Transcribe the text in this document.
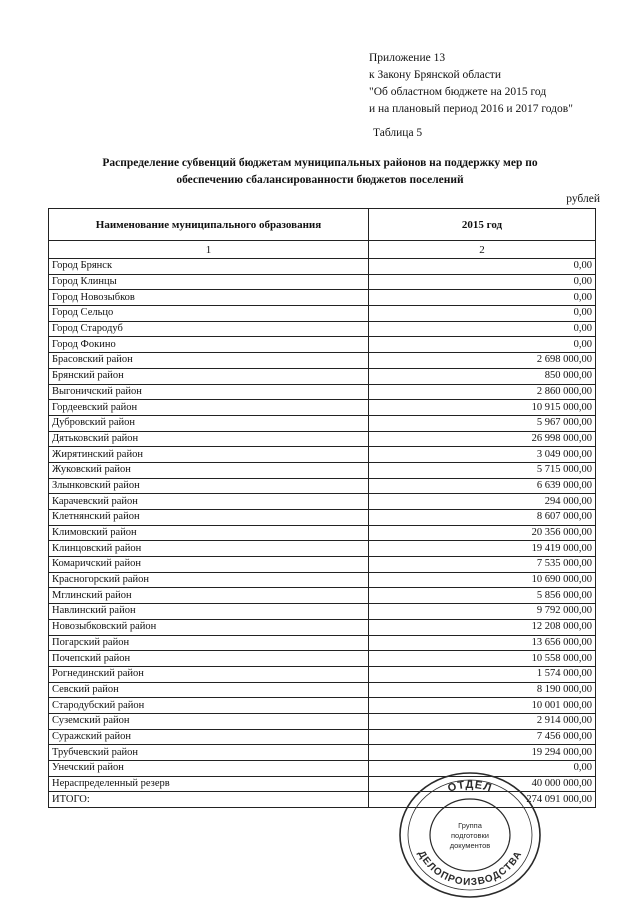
Приложение 13
к Закону Брянской области
"Об областном бюджете на 2015 год
и на плановый период 2016 и 2017 годов"
Таблица 5
Распределение субвенций бюджетам муниципальных районов на поддержку мер по
обеспечению сбалансированности бюджетов поселений
рублей
Наименование муниципального образования	2015 год
1	2
Город Брянск	0,00
Город Клинцы	0,00
Город Новозыбков	0,00
Город Сельцо	0,00
Город Стародуб	0,00
Город Фокино	0,00
Брасовский район	2 698 000,00
Брянский район	850 000,00
Выгоничский район	2 860 000,00
Гордеевский район	10 915 000,00
Дубровский район	5 967 000,00
Дятьковский район	26 998 000,00
Жирятинский район	3 049 000,00
Жуковский район	5 715 000,00
Злынковский район	6 639 000,00
Карачевский район	294 000,00
Клетнянский район	8 607 000,00
Климовский район	20 356 000,00
Клинцовский район	19 419 000,00
Комаричский район	7 535 000,00
Красногорский район	10 690 000,00
Мглинский район	5 856 000,00
Навлинский район	9 792 000,00
Новозыбковский район	12 208 000,00
Погарский район	13 656 000,00
Почепский район	10 558 000,00
Рогнединский район	1 574 000,00
Севский район	8 190 000,00
Стародубский район	10 001 000,00
Суземский район	2 914 000,00
Суражский район	7 456 000,00
Трубчевский район	19 294 000,00
Унечский район	0,00
Нераспределенный резерв	40 000 000,00
ИТОГО:	274 091 000,00
ОТДЕЛ
ДЕЛОПРОИЗВОДСТВА
Группа
подготовки
документов
